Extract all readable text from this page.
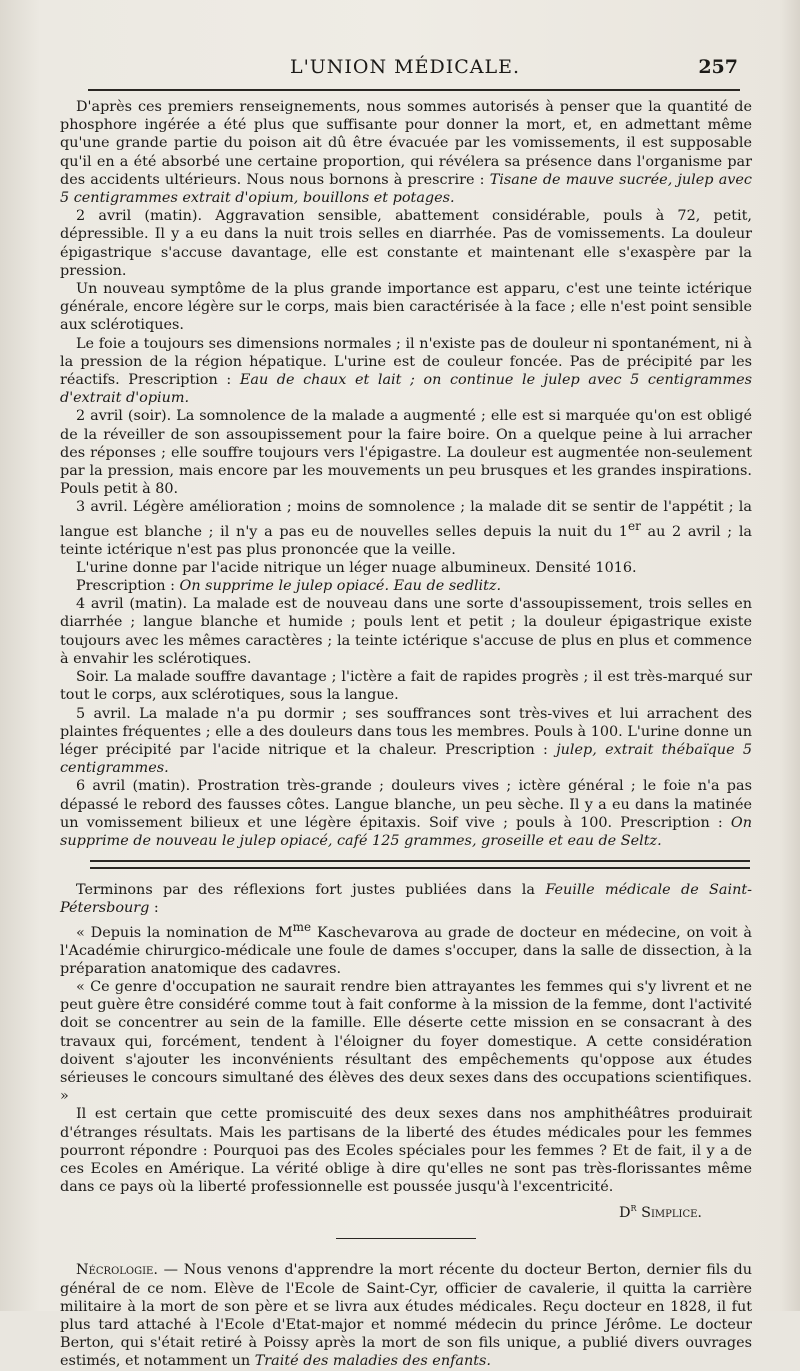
L'UNION MÉDICALE.	257

D'après ces premiers renseignements, nous sommes autorisés à penser que la quantité de phosphore ingérée a été plus que suffisante pour donner la mort, et, en admettant même qu'une grande partie du poison ait dû être évacuée par les vomissements, il est supposable qu'il en a été absorbé une certaine proportion, qui révélera sa présence dans l'organisme par des accidents ultérieurs. Nous nous bornons à prescrire : Tisane de mauve sucrée, julep avec 5 centigrammes extrait d'opium, bouillons et potages.

2 avril (matin). Aggravation sensible, abattement considérable, pouls à 72, petit, dépressible. Il y a eu dans la nuit trois selles en diarrhée. Pas de vomissements. La douleur épigastrique s'accuse davantage, elle est constante et maintenant elle s'exaspère par la pression.

Un nouveau symptôme de la plus grande importance est apparu, c'est une teinte ictérique générale, encore légère sur le corps, mais bien caractérisée à la face ; elle n'est point sensible aux sclérotiques.

Le foie a toujours ses dimensions normales ; il n'existe pas de douleur ni spontanément, ni à la pression de la région hépatique. L'urine est de couleur foncée. Pas de précipité par les réactifs. Prescription : Eau de chaux et lait ; on continue le julep avec 5 centigrammes d'extrait d'opium.

2 avril (soir). La somnolence de la malade a augmenté ; elle est si marquée qu'on est obligé de la réveiller de son assoupissement pour la faire boire. On a quelque peine à lui arracher des réponses ; elle souffre toujours vers l'épigastre. La douleur est augmentée non-seulement par la pression, mais encore par les mouvements un peu brusques et les grandes inspirations. Pouls petit à 80.

3 avril. Légère amélioration ; moins de somnolence ; la malade dit se sentir de l'appétit ; la langue est blanche ; il n'y a pas eu de nouvelles selles depuis la nuit du 1er au 2 avril ; la teinte ictérique n'est pas plus prononcée que la veille.

L'urine donne par l'acide nitrique un léger nuage albumineux. Densité 1016.

Prescription : On supprime le julep opiacé. Eau de sedlitz.

4 avril (matin). La malade est de nouveau dans une sorte d'assoupissement, trois selles en diarrhée ; langue blanche et humide ; pouls lent et petit ; la douleur épigastrique existe toujours avec les mêmes caractères ; la teinte ictérique s'accuse de plus en plus et commence à envahir les sclérotiques.

Soir. La malade souffre davantage ; l'ictère a fait de rapides progrès ; il est très-marqué sur tout le corps, aux sclérotiques, sous la langue.

5 avril. La malade n'a pu dormir ; ses souffrances sont très-vives et lui arrachent des plaintes fréquentes ; elle a des douleurs dans tous les membres. Pouls à 100. L'urine donne un léger précipité par l'acide nitrique et la chaleur. Prescription : julep, extrait thébaïque 5 centigrammes.

6 avril (matin). Prostration très-grande ; douleurs vives ; ictère général ; le foie n'a pas dépassé le rebord des fausses côtes. Langue blanche, un peu sèche. Il y a eu dans la matinée un vomissement bilieux et une légère épitaxis. Soif vive ; pouls à 100. Prescription : On supprime de nouveau le julep opiacé, café 125 grammes, groseille et eau de Seltz.

Terminons par des réflexions fort justes publiées dans la Feuille médicale de Saint-Pétersbourg :

« Depuis la nomination de $M^{me}$ Kaschevarova au grade de docteur en médecine, on voit à l'Académie chirurgico-médicale une foule de dames s'occuper, dans la salle de dissection, à la préparation anatomique des cadavres.

« Ce genre d'occupation ne saurait rendre bien attrayantes les femmes qui s'y livrent et ne peut guère être considéré comme tout à fait conforme à la mission de la femme, dont l'activité doit se concentrer au sein de la famille. Elle déserte cette mission en se consacrant à des travaux qui, forcément, tendent à l'éloigner du foyer domestique. A cette considération doivent s'ajouter les inconvénients résultant des empêchements qu'oppose aux études sérieuses le concours simultané des élèves des deux sexes dans des occupations scientifiques. »

Il est certain que cette promiscuité des deux sexes dans nos amphithéâtres produirait d'étranges résultats. Mais les partisans de la liberté des études médicales pour les femmes pourront répondre : Pourquoi pas des Ecoles spéciales pour les femmes ? Et de fait, il y a de ces Ecoles en Amérique. La vérité oblige à dire qu'elles ne sont pas très-florissantes même dans ce pays où la liberté professionnelle est poussée jusqu'à l'excentricité.

$D^r$ Simplice.

Nécrologie. — Nous venons d'apprendre la mort récente du docteur Berton, dernier fils du général de ce nom. Elève de l'Ecole de Saint-Cyr, officier de cavalerie, il quitta la carrière militaire à la mort de son père et se livra aux études médicales. Reçu docteur en 1828, il fut plus tard attaché à l'Ecole d'Etat-major et nommé médecin du prince Jérôme. Le docteur Berton, qui s'était retiré à Poissy après la mort de son fils unique, a publié divers ouvrages estimés, et notamment un Traité des maladies des enfants.
